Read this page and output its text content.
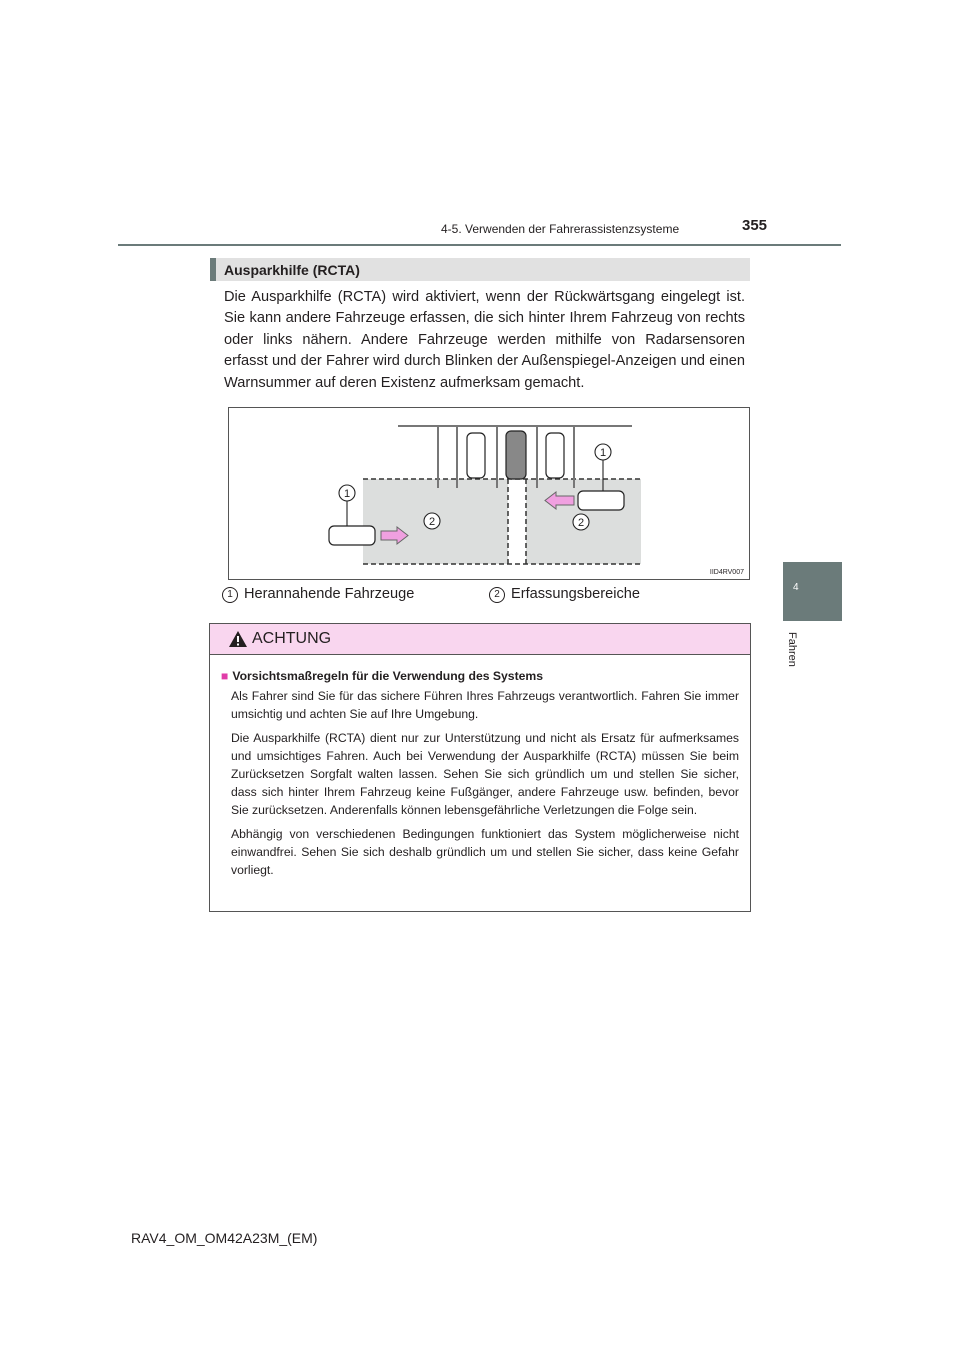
4-5. Verwenden der Fahrerassistenzsysteme	355
4
Fahren
Ausparkhilfe (RCTA)
Die Ausparkhilfe (RCTA) wird aktiviert, wenn der Rückwärtsgang eingelegt ist. Sie kann andere Fahrzeuge erfassen, die sich hinter Ihrem Fahrzeug von rechts oder links nähern. Andere Fahrzeuge werden mithilfe von Radarsensoren erfasst und der Fahrer wird durch Blinken der Außenspiegel-Anzeigen und einen Warnsummer auf deren Existenz aufmerksam gemacht.
1
1
2	2
IID4RV007
1 Herannahende Fahrzeuge	2 Erfassungsbereiche
ACHTUNG
■ Vorsichtsmaßregeln für die Verwendung des Systems
Als Fahrer sind Sie für das sichere Führen Ihres Fahrzeugs verantwortlich. Fahren Sie immer umsichtig und achten Sie auf Ihre Umgebung.
Die Ausparkhilfe (RCTA) dient nur zur Unterstützung und nicht als Ersatz für aufmerksames und umsichtiges Fahren. Auch bei Verwendung der Ausparkhilfe (RCTA) müssen Sie beim Zurücksetzen Sorgfalt walten lassen. Sehen Sie sich gründlich um und stellen Sie sicher, dass sich hinter Ihrem Fahrzeug keine Fußgänger, andere Fahrzeuge usw. befinden, bevor Sie zurücksetzen. Anderenfalls können lebensgefährliche Verletzungen die Folge sein.
Abhängig von verschiedenen Bedingungen funktioniert das System möglicherweise nicht einwandfrei. Sehen Sie sich deshalb gründlich um und stellen Sie sicher, dass keine Gefahr vorliegt.
RAV4_OM_OM42A23M_(EM)
